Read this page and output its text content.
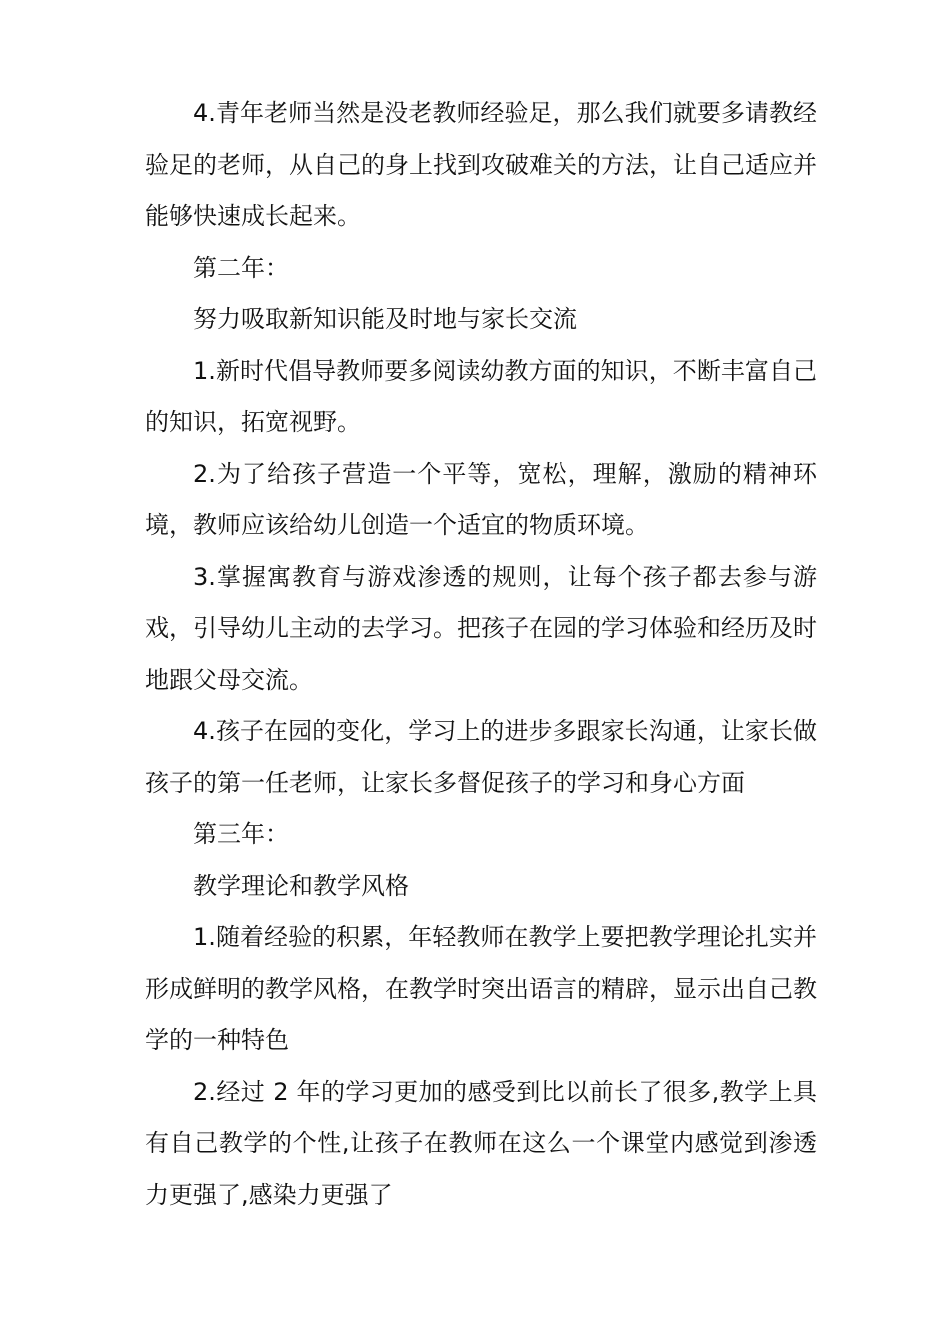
4.青年老师当然是没老教师经验足，那么我们就要多请教经验足的老师，从自己的身上找到攻破难关的方法，让自己适应并能够快速成长起来。

第二年：

努力吸取新知识能及时地与家长交流

1.新时代倡导教师要多阅读幼教方面的知识，不断丰富自己的知识，拓宽视野。

2.为了给孩子营造一个平等，宽松，理解，激励的精神环境，教师应该给幼儿创造一个适宜的物质环境。

3.掌握寓教育与游戏渗透的规则，让每个孩子都去参与游戏，引导幼儿主动的去学习。把孩子在园的学习体验和经历及时地跟父母交流。

4.孩子在园的变化，学习上的进步多跟家长沟通，让家长做孩子的第一任老师，让家长多督促孩子的学习和身心方面

第三年：

教学理论和教学风格

1.随着经验的积累，年轻教师在教学上要把教学理论扎实并形成鲜明的教学风格，在教学时突出语言的精辟，显示出自己教学的一种特色

2.经过 2 年的学习更加的感受到比以前长了很多,教学上具有自己教学的个性,让孩子在教师在这么一个课堂内感觉到渗透力更强了,感染力更强了
